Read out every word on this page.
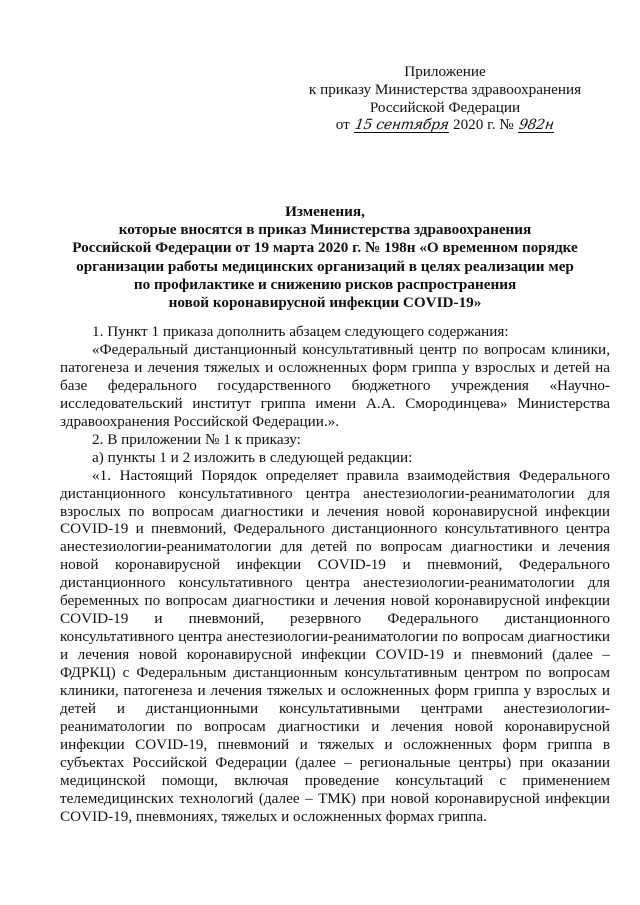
Приложение
к приказу Министерства здравоохранения
Российской Федерации
от 15 сентября 2020 г. № 982н
Изменения,
которые вносятся в приказ Министерства здравоохранения
Российской Федерации от 19 марта 2020 г. № 198н «О временном порядке
организации работы медицинских организаций в целях реализации мер
по профилактике и снижению рисков распространения
новой коронавирусной инфекции COVID-19»

1. Пункт 1 приказа дополнить абзацем следующего содержания:

«Федеральный дистанционный консультативный центр по вопросам клиники, патогенеза и лечения тяжелых и осложненных форм гриппа у взрослых и детей на базе федерального государственного бюджетного учреждения «Научно-исследовательский институт гриппа имени А.А. Смородинцева» Министерства здравоохранения Российской Федерации.».

2. В приложении № 1 к приказу:

а) пункты 1 и 2 изложить в следующей редакции:

«1. Настоящий Порядок определяет правила взаимодействия Федерального дистанционного консультативного центра анестезиологии-реаниматологии для взрослых по вопросам диагностики и лечения новой коронавирусной инфекции COVID-19 и пневмоний, Федерального дистанционного консультативного центра анестезиологии-реаниматологии для детей по вопросам диагностики и лечения новой коронавирусной инфекции COVID-19 и пневмоний, Федерального дистанционного консультативного центра анестезиологии-реаниматологии для беременных по вопросам диагностики и лечения новой коронавирусной инфекции COVID-19 и пневмоний, резервного Федерального дистанционного консультативного центра анестезиологии-реаниматологии по вопросам диагностики и лечения новой коронавирусной инфекции COVID-19 и пневмоний (далее – ФДРКЦ) с Федеральным дистанционным консультативным центром по вопросам клиники, патогенеза и лечения тяжелых и осложненных форм гриппа у взрослых и детей и дистанционными консультативными центрами анестезиологии-реаниматологии по вопросам диагностики и лечения новой коронавирусной инфекции COVID-19, пневмоний и тяжелых и осложненных форм гриппа в субъектах Российской Федерации (далее – региональные центры) при оказании медицинской помощи, включая проведение консультаций с применением телемедицинских технологий (далее – ТМК) при новой коронавирусной инфекции COVID-19, пневмониях, тяжелых и осложненных формах гриппа.
